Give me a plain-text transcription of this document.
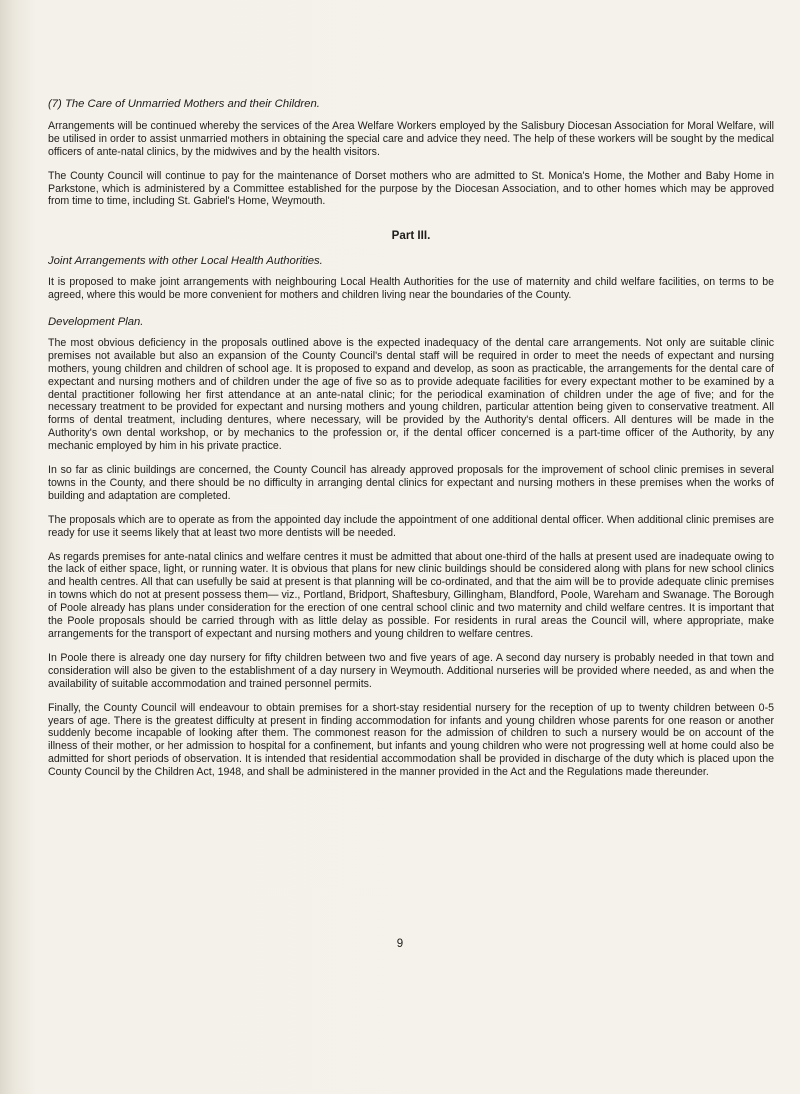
(7) The Care of Unmarried Mothers and their Children.

Arrangements will be continued whereby the services of the Area Welfare Workers employed by the Salisbury Diocesan Association for Moral Welfare, will be utilised in order to assist unmarried mothers in obtaining the special care and advice they need. The help of these workers will be sought by the medical officers of ante-natal clinics, by the midwives and by the health visitors.

The County Council will continue to pay for the maintenance of Dorset mothers who are admitted to St. Monica's Home, the Mother and Baby Home in Parkstone, which is administered by a Committee established for the purpose by the Diocesan Association, and to other homes which may be approved from time to time, including St. Gabriel's Home, Weymouth.

Part III.
Joint Arrangements with other Local Health Authorities.

It is proposed to make joint arrangements with neighbouring Local Health Authorities for the use of maternity and child welfare facilities, on terms to be agreed, where this would be more convenient for mothers and children living near the boundaries of the County.

Development Plan.

The most obvious deficiency in the proposals outlined above is the expected inadequacy of the dental care arrangements. Not only are suitable clinic premises not available but also an expansion of the County Council's dental staff will be required in order to meet the needs of expectant and nursing mothers, young children and children of school age. It is proposed to expand and develop, as soon as practicable, the arrangements for the dental care of expectant and nursing mothers and of children under the age of five so as to provide adequate facilities for every expectant mother to be examined by a dental practitioner following her first attendance at an ante-natal clinic; for the periodical examination of children under the age of five; and for the necessary treatment to be provided for expectant and nursing mothers and young children, particular attention being given to conservative treatment. All forms of dental treatment, including dentures, where necessary, will be provided by the Authority's dental officers. All dentures will be made in the Authority's own dental workshop, or by mechanics to the profession or, if the dental officer concerned is a part-time officer of the Authority, by any mechanic employed by him in his private practice.

In so far as clinic buildings are concerned, the County Council has already approved proposals for the improvement of school clinic premises in several towns in the County, and there should be no difficulty in arranging dental clinics for expectant and nursing mothers in these premises when the works of building and adaptation are completed.

The proposals which are to operate as from the appointed day include the appointment of one additional dental officer. When additional clinic premises are ready for use it seems likely that at least two more dentists will be needed.

As regards premises for ante-natal clinics and welfare centres it must be admitted that about one-third of the halls at present used are inadequate owing to the lack of either space, light, or running water. It is obvious that plans for new clinic buildings should be considered along with plans for new school clinics and health centres. All that can usefully be said at present is that planning will be co-ordinated, and that the aim will be to provide adequate clinic premises in towns which do not at present possess them— viz., Portland, Bridport, Shaftesbury, Gillingham, Blandford, Poole, Wareham and Swanage. The Borough of Poole already has plans under consideration for the erection of one central school clinic and two maternity and child welfare centres. It is important that the Poole proposals should be carried through with as little delay as possible. For residents in rural areas the Council will, where appropriate, make arrangements for the transport of expectant and nursing mothers and young children to welfare centres.

In Poole there is already one day nursery for fifty children between two and five years of age. A second day nursery is probably needed in that town and consideration will also be given to the establishment of a day nursery in Weymouth. Additional nurseries will be provided where needed, as and when the availability of suitable accommodation and trained personnel permits.

Finally, the County Council will endeavour to obtain premises for a short-stay residential nursery for the reception of up to twenty children between 0-5 years of age. There is the greatest difficulty at present in finding accommodation for infants and young children whose parents for one reason or another suddenly become incapable of looking after them. The commonest reason for the admission of children to such a nursery would be on account of the illness of their mother, or her admission to hospital for a confinement, but infants and young children who were not progressing well at home could also be admitted for short periods of observation. It is intended that residential accommodation shall be provided in discharge of the duty which is placed upon the County Council by the Children Act, 1948, and shall be administered in the manner provided in the Act and the Regulations made thereunder.

9
